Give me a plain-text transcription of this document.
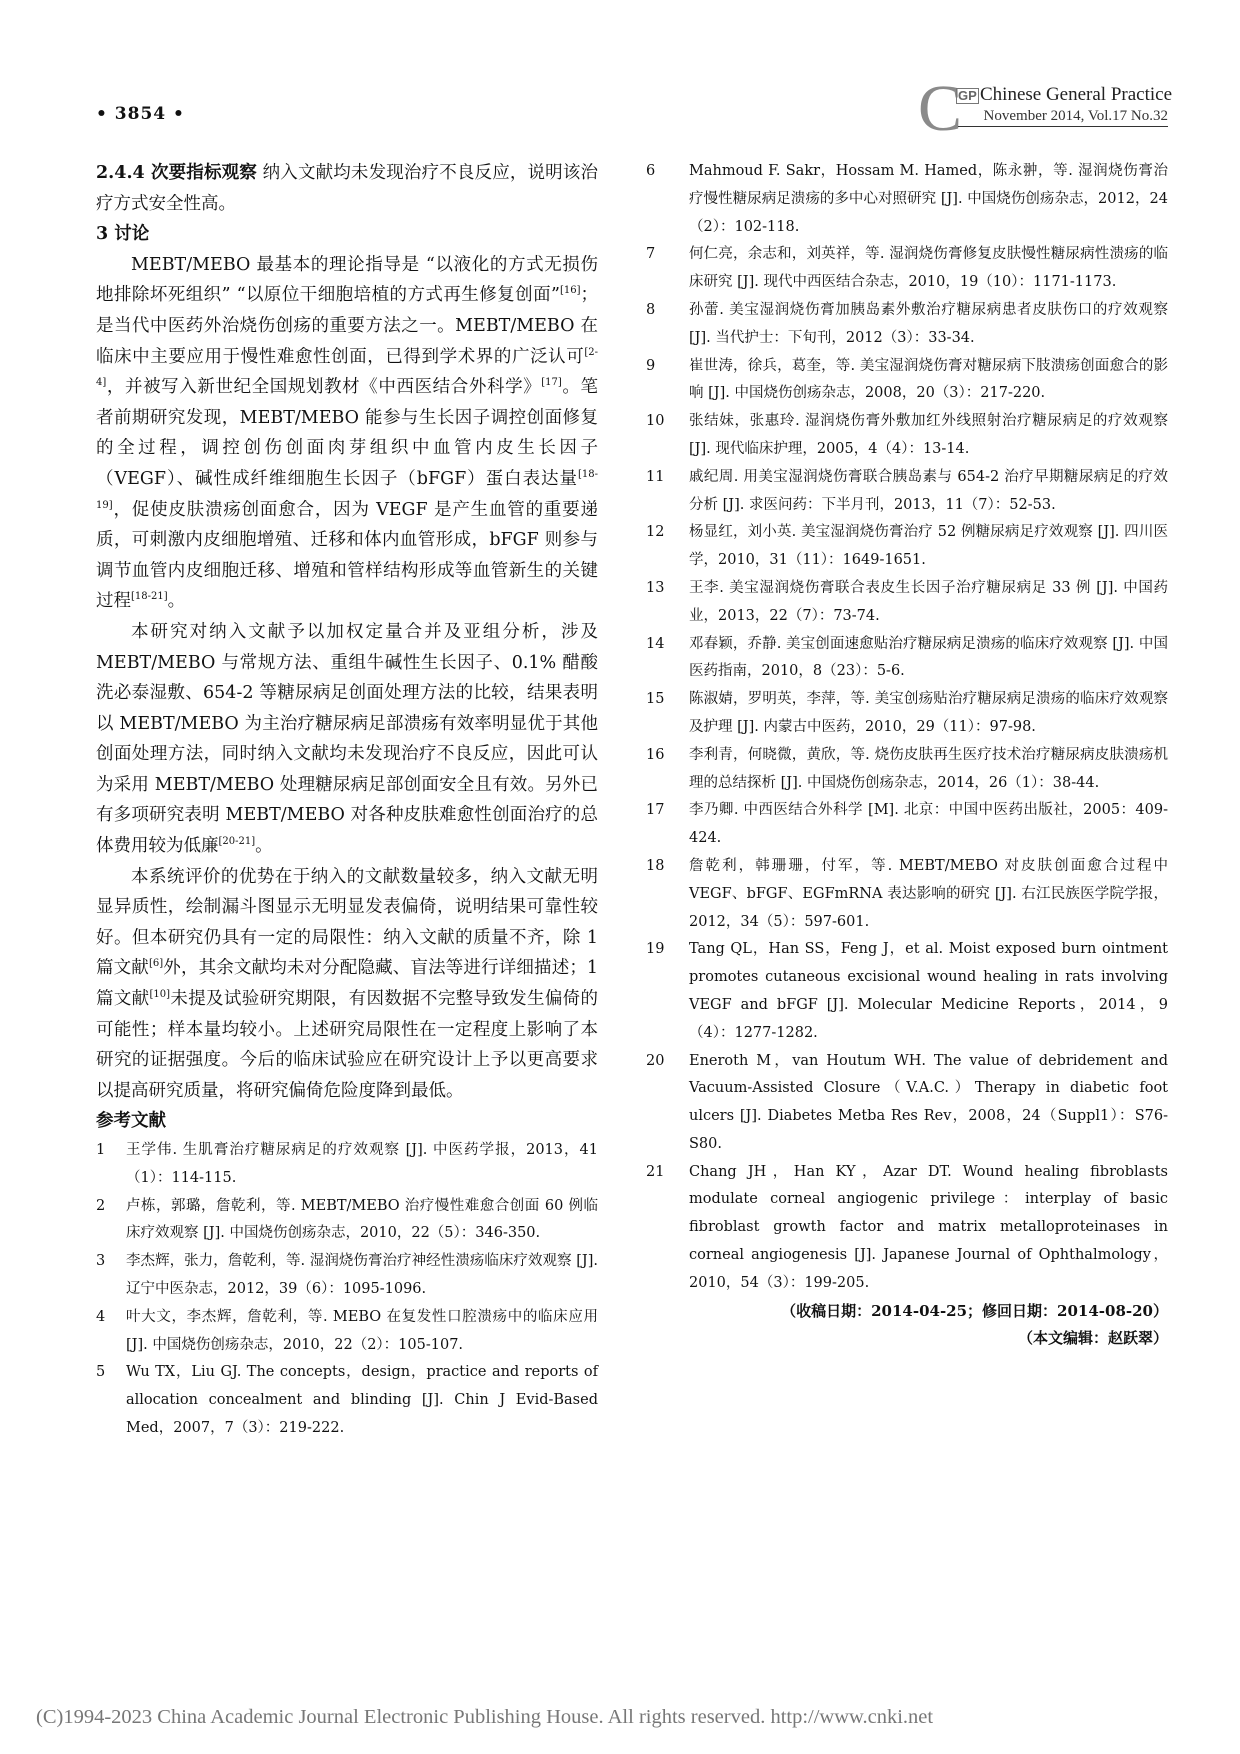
• 3854 •	C
GP Chinese General Practice
November 2014, Vol.17 No.32

2.4.4 次要指标观察 纳入文献均未发现治疗不良反应，说明该治疗方式安全性高。

3 讨论

MEBT/MEBO 最基本的理论指导是 “以液化的方式无损伤地排除坏死组织” “以原位干细胞培植的方式再生修复创面”[16]；是当代中医药外治烧伤创疡的重要方法之一。MEBT/MEBO 在临床中主要应用于慢性难愈性创面，已得到学术界的广泛认可[2-4]，并被写入新世纪全国规划教材《中西医结合外科学》[17]。笔者前期研究发现，MEBT/MEBO 能参与生长因子调控创面修复的全过程，调控创伤创面肉芽组织中血管内皮生长因子（VEGF）、碱性成纤维细胞生长因子（bFGF）蛋白表达量[18-19]，促使皮肤溃疡创面愈合，因为 VEGF 是产生血管的重要递质，可刺激内皮细胞增殖、迁移和体内血管形成，bFGF 则参与调节血管内皮细胞迁移、增殖和管样结构形成等血管新生的关键过程[18-21]。

本研究对纳入文献予以加权定量合并及亚组分析，涉及 MEBT/MEBO 与常规方法、重组牛碱性生长因子、0.1% 醋酸洗必泰湿敷、654-2 等糖尿病足创面处理方法的比较，结果表明以 MEBT/MEBO 为主治疗糖尿病足部溃疡有效率明显优于其他创面处理方法，同时纳入文献均未发现治疗不良反应，因此可认为采用 MEBT/MEBO 处理糖尿病足部创面安全且有效。另外已有多项研究表明 MEBT/MEBO 对各种皮肤难愈性创面治疗的总体费用较为低廉[20-21]。

本系统评价的优势在于纳入的文献数量较多，纳入文献无明显异质性，绘制漏斗图显示无明显发表偏倚，说明结果可靠性较好。但本研究仍具有一定的局限性：纳入文献的质量不齐，除 1 篇文献[6]外，其余文献均未对分配隐藏、盲法等进行详细描述；1 篇文献[10]未提及试验研究期限，有因数据不完整导致发生偏倚的可能性；样本量均较小。上述研究局限性在一定程度上影响了本研究的证据强度。今后的临床试验应在研究设计上予以更高要求以提高研究质量，将研究偏倚危险度降到最低。

参考文献

1 王学伟. 生肌膏治疗糖尿病足的疗效观察 [J]. 中医药学报，2013，41（1）：114-115.
2 卢栋，郭璐，詹乾利，等. MEBT/MEBO 治疗慢性难愈合创面 60 例临床疗效观察 [J]. 中国烧伤创疡杂志，2010，22（5）：346-350.
3 李杰辉，张力，詹乾利，等. 湿润烧伤膏治疗神经性溃疡临床疗效观察 [J]. 辽宁中医杂志，2012，39（6）：1095-1096.
4 叶大文，李杰辉，詹乾利，等. MEBO 在复发性口腔溃疡中的临床应用 [J]. 中国烧伤创疡杂志，2010，22（2）：105-107.
5 Wu TX，Liu GJ. The concepts，design，practice and reports of allocation concealment and blinding [J]. Chin J Evid-Based Med，2007，7（3）：219-222.
6 Mahmoud F. Sakr，Hossam M. Hamed，陈永翀，等. 湿润烧伤膏治疗慢性糖尿病足溃疡的多中心对照研究 [J]. 中国烧伤创疡杂志，2012，24（2）：102-118.
7 何仁亮，余志和，刘英祥，等. 湿润烧伤膏修复皮肤慢性糖尿病性溃疡的临床研究 [J]. 现代中西医结合杂志，2010，19（10）：1171-1173.
8 孙蕾. 美宝湿润烧伤膏加胰岛素外敷治疗糖尿病患者皮肤伤口的疗效观察 [J]. 当代护士：下旬刊，2012（3）：33-34.
9 崔世涛，徐兵，葛奎，等. 美宝湿润烧伤膏对糖尿病下肢溃疡创面愈合的影响 [J]. 中国烧伤创疡杂志，2008，20（3）：217-220.
10 张结妹，张惠玲. 湿润烧伤膏外敷加红外线照射治疗糖尿病足的疗效观察 [J]. 现代临床护理，2005，4（4）：13-14.
11 戚纪周. 用美宝湿润烧伤膏联合胰岛素与 654-2 治疗早期糖尿病足的疗效分析 [J]. 求医问药：下半月刊，2013，11（7）：52-53.
12 杨显红，刘小英. 美宝湿润烧伤膏治疗 52 例糖尿病足疗效观察 [J]. 四川医学，2010，31（11）：1649-1651.
13 王李. 美宝湿润烧伤膏联合表皮生长因子治疗糖尿病足 33 例 [J]. 中国药业，2013，22（7）：73-74.
14 邓春颖，乔静. 美宝创面速愈贴治疗糖尿病足溃疡的临床疗效观察 [J]. 中国医药指南，2010，8（23）：5-6.
15 陈淑婧，罗明英，李萍，等. 美宝创疡贴治疗糖尿病足溃疡的临床疗效观察及护理 [J]. 内蒙古中医药，2010，29（11）：97-98.
16 李利青，何晓微，黄欣，等. 烧伤皮肤再生医疗技术治疗糖尿病皮肤溃疡机理的总结探析 [J]. 中国烧伤创疡杂志，2014，26（1）：38-44.
17 李乃卿. 中西医结合外科学 [M]. 北京：中国中医药出版社，2005：409-424.
18 詹乾利，韩珊珊，付军，等. MEBT/MEBO 对皮肤创面愈合过程中 VEGF、bFGF、EGFmRNA 表达影响的研究 [J]. 右江民族医学院学报，2012，34（5）：597-601.
19 Tang QL，Han SS，Feng J，et al. Moist exposed burn ointment promotes cutaneous excisional wound healing in rats involving VEGF and bFGF [J]. Molecular Medicine Reports，2014，9（4）：1277-1282.
20 Eneroth M，van Houtum WH. The value of debridement and Vacuum-Assisted Closure（V.A.C.）Therapy in diabetic foot ulcers [J]. Diabetes Metba Res Rev，2008，24（Suppl1）：S76-S80.
21 Chang JH，Han KY，Azar DT. Wound healing fibroblasts modulate corneal angiogenic privilege：interplay of basic fibroblast growth factor and matrix metalloproteinases in corneal angiogenesis [J]. Japanese Journal of Ophthalmology，2010，54（3）：199-205.

（收稿日期：2014-04-25；修回日期：2014-08-20）

（本文编辑：赵跃翠）

(C)1994-2023 China Academic Journal Electronic Publishing House. All rights reserved. http://www.cnki.net
